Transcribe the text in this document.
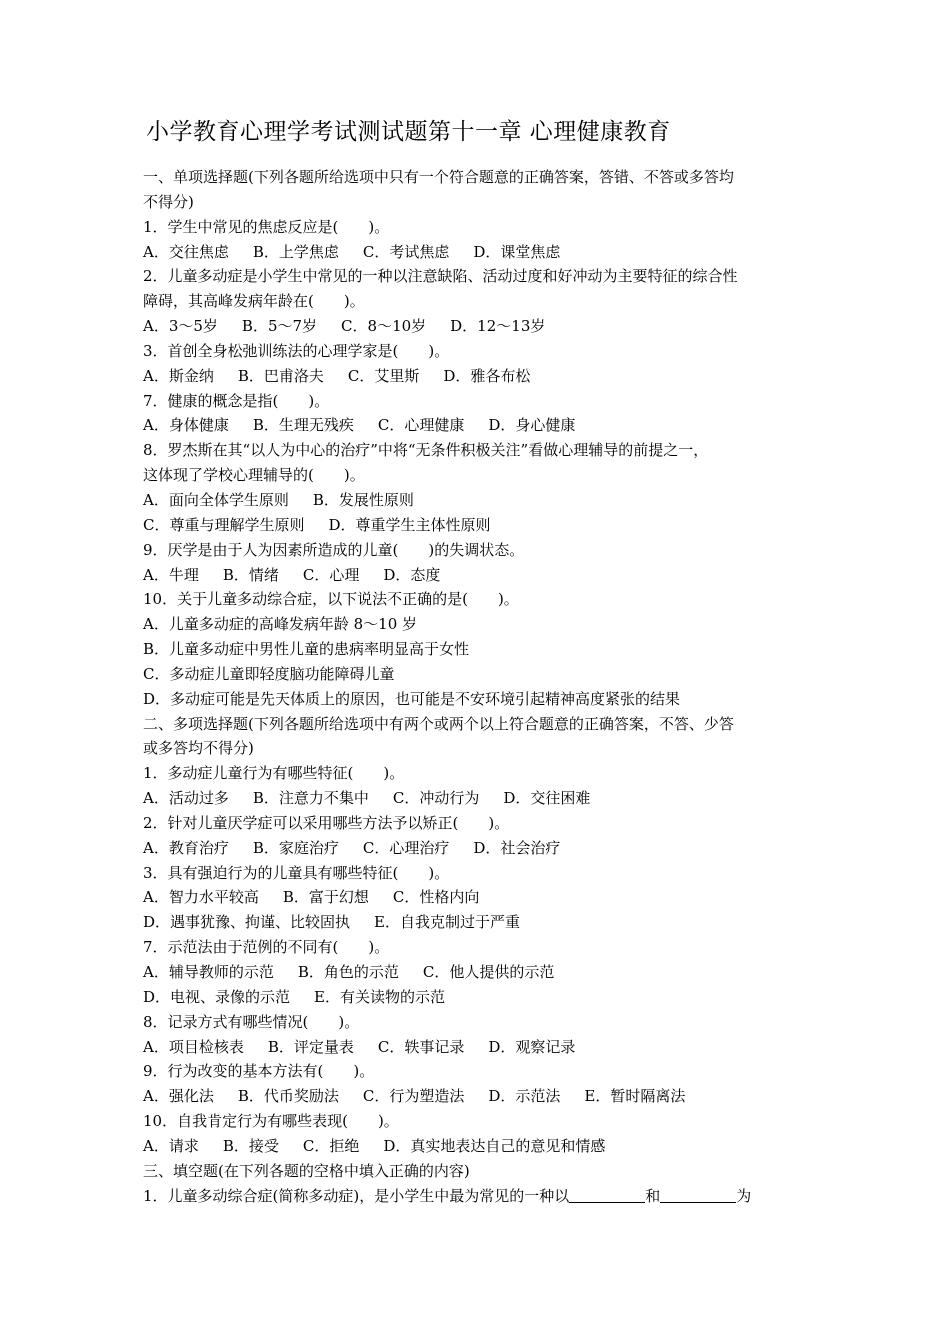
小学教育心理学考试测试题第十一章 心理健康教育
一、单项选择题(下列各题所给选项中只有一个符合题意的正确答案，答错、不答或多答均
不得分)
1．学生中常见的焦虑反应是(　　)。
A．交往焦虑 B．上学焦虑 C．考试焦虑 D．课堂焦虑
2．儿童多动症是小学生中常见的一种以注意缺陷、活动过度和好冲动为主要特征的综合性
障碍，其高峰发病年龄在(　　)。
A．3～5岁 B．5～7岁 C．8～10岁 D．12～13岁
3．首创全身松弛训练法的心理学家是(　　)。
A．斯金纳 B．巴甫洛夫 C．艾里斯 D．雅各布松
7．健康的概念是指(　　)。
A．身体健康 B．生理无残疾 C．心理健康 D．身心健康
8．罗杰斯在其“以人为中心的治疗”中将“无条件积极关注”看做心理辅导的前提之一，
这体现了学校心理辅导的(　　)。
A．面向全体学生原则 B．发展性原则
C．尊重与理解学生原则 D．尊重学生主体性原则
9．厌学是由于人为因素所造成的儿童(　　)的失调状态。
A．牛理 B．情绪 C．心理 D．态度
10．关于儿童多动综合症，以下说法不正确的是(　　)。
A．儿童多动症的高峰发病年龄 8～10 岁
B．儿童多动症中男性儿童的患病率明显高于女性
C．多动症儿童即轻度脑功能障碍儿童
D．多动症可能是先天体质上的原因，也可能是不安环境引起精神高度紧张的结果
二、多项选择题(下列各题所给选项中有两个或两个以上符合题意的正确答案，不答、少答
或多答均不得分)
1．多动症儿童行为有哪些特征(　　)。
A．活动过多 B．注意力不集中 C．冲动行为 D．交往困难
2．针对儿童厌学症可以采用哪些方法予以矫正(　　)。
A．教育治疗 B．家庭治疗 C．心理治疗 D．社会治疗
3．具有强迫行为的儿童具有哪些特征(　　)。
A．智力水平较高 B．富于幻想 C．性格内向
D．遇事犹豫、拘谨、比较固执 E．自我克制过于严重
7．示范法由于范例的不同有(　　)。
A．辅导教师的示范 B．角色的示范 C．他人提供的示范
D．电视、录像的示范 E．有关读物的示范
8．记录方式有哪些情况(　　)。
A．项目检核表 B．评定量表 C．轶事记录 D．观察记录
9．行为改变的基本方法有(　　)。
A．强化法 B．代币奖励法 C．行为塑造法 D．示范法 E．暂时隔离法
10．自我肯定行为有哪些表现(　　)。
A．请求 B．接受 C．拒绝 D．真实地表达自己的意见和情感
三、填空题(在下列各题的空格中填入正确的内容)
1．儿童多动综合症(简称多动症)，是小学生中最为常见的一种以	和	为
